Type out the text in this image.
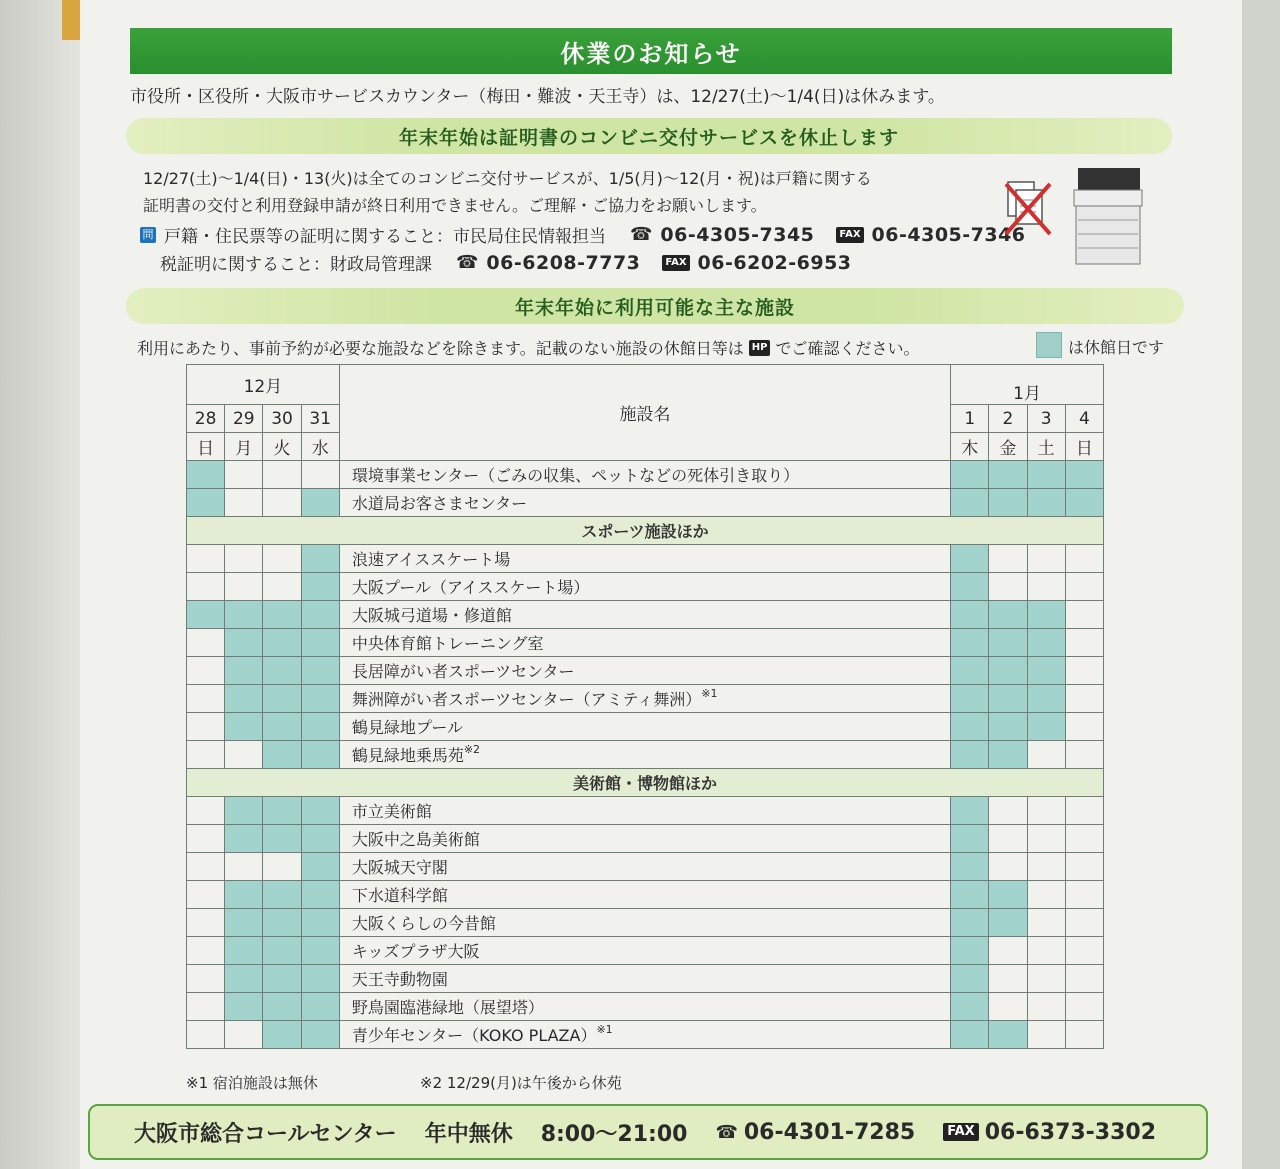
休業のお知らせ
市役所・区役所・大阪市サービスカウンター（梅田・難波・天王寺）は、12/27(土)～1/4(日)は休みます。
年末年始は証明書のコンビニ交付サービスを休止します
12/27(土)～1/4(日)・13(火)は全てのコンビニ交付サービスが、1/5(月)～12(月・祝)は戸籍に関する
証明書の交付と利用登録申請が終日利用できません。ご理解・ご協力をお願いします。
問 戸籍・住民票等の証明に関すること：市民局住民情報担当 ☎ 06-4305-7345	FAX 06-4305-7346
税証明に関すること：財政局管理課 ☎ 06-6208-7773	FAX 06-6202-6953
年末年始に利用可能な主な施設
利用にあたり、事前予約が必要な施設などを除きます。記載のない施設の休館日等は HP でご確認ください。	は休館日です
12月				施設名	1月			
28	29	30	31		1	2	3	4
日	月	火	水		木	金	土	日
				環境事業センター（ごみの収集、ペットなどの死体引き取り）				
				水道局お客さまセンター				
スポーツ施設ほか								
				浪速アイススケート場				
				大阪プール（アイススケート場）				
				大阪城弓道場・修道館				
				中央体育館トレーニング室				
				長居障がい者スポーツセンター				
				舞洲障がい者スポーツセンター（アミティ舞洲）$^{※1}$				
				鶴見緑地プール				
				鶴見緑地乗馬苑$^{※2}$				
美術館・博物館ほか								
				市立美術館				
				大阪中之島美術館				
				大阪城天守閣				
				下水道科学館				
				大阪くらしの今昔館				
				キッズプラザ大阪				
				天王寺動物園				
				野鳥園臨港緑地（展望塔）				
				青少年センター（KOKO PLAZA）$^{※1}$				
※1 宿泊施設は無休	※2 12/29(月)は午後から休苑
大阪市総合コールセンター 年中無休 8:00～21:00 ☎ 06-4301-7285	FAX 06-6373-3302
